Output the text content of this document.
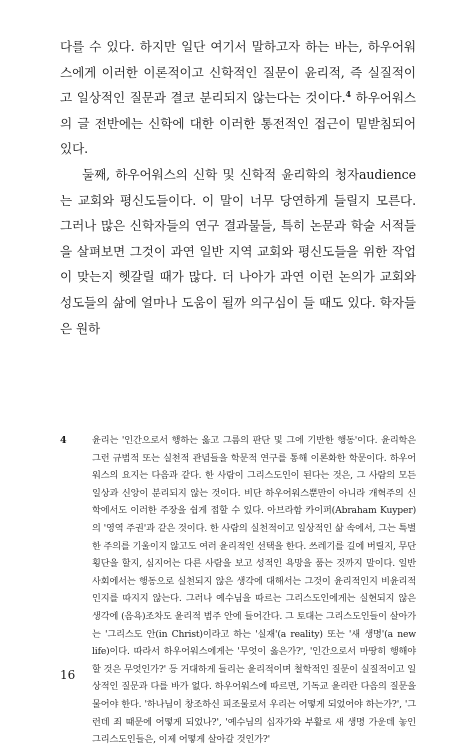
다를 수 있다. 하지만 일단 여기서 말하고자 하는 바는, 하우어워스에게 이러한 이론적이고 신학적인 질문이 윤리적, 즉 실질적이고 일상적인 질문과 결코 분리되지 않는다는 것이다.$^4$ 하우어워스의 글 전반에는 신학에 대한 이러한 통전적인 접근이 밑받침되어 있다.

둘째, 하우어워스의 신학 및 신학적 윤리학의 청자audience는 교회와 평신도들이다. 이 말이 너무 당연하게 들릴지 모른다. 그러나 많은 신학자들의 연구 결과물들, 특히 논문과 학술 서적들을 살펴보면 그것이 과연 일반 지역 교회와 평신도들을 위한 작업이 맞는지 헷갈릴 때가 많다. 더 나아가 과연 이런 논의가 교회와 성도들의 삶에 얼마나 도움이 될까 의구심이 들 때도 있다. 학자들은 원하

4	윤리는 '인간으로서 행하는 옳고 그름의 판단 및 그에 기반한 행동'이다. 윤리학은 그런 규범적 또는 실천적 관념들을 학문적 연구를 통해 이론화한 학문이다. 하우어워스의 요지는 다음과 같다. 한 사람이 그리스도인이 된다는 것은, 그 사람의 모든 일상과 신앙이 분리되지 않는 것이다. 비단 하우어워스뿐만이 아니라 개혁주의 신학에서도 이러한 주장을 쉽게 접할 수 있다. 아브라함 카이퍼(Abraham Kuyper)의 '영역 주권'과 같은 것이다. 한 사람의 실천적이고 일상적인 삶 속에서, 그는 특별한 주의를 기울이지 않고도 여러 윤리적인 선택을 한다. 쓰레기를 길에 버릴지, 무단횡단을 할지, 심지어는 다른 사람을 보고 성적인 욕망을 품는 것까지 말이다. 일반 사회에서는 행동으로 실천되지 않은 생각에 대해서는 그것이 윤리적인지 비윤리적인지를 따지지 않는다. 그러나 예수님을 따르는 그리스도인에게는 실현되지 않은 생각에 (음욕)조차도 윤리적 범주 안에 들어간다. 그 토대는 그리스도인들이 살아가는 '그리스도 안(in Christ)이라고 하는 '실재'(a reality) 또는 '새 생명'(a new life)이다. 따라서 하우어워스에게는 '무엇이 옳은가?', '인간으로서 마땅히 행해야 할 것은 무엇인가?' 등 거대하게 들리는 윤리적이며 철학적인 질문이 실질적이고 일상적인 질문과 다를 바가 없다. 하우어워스에 따르면, 기독교 윤리란 다음의 질문을 물어야 한다. '하나님이 창조하신 피조물로서 우리는 어떻게 되었어야 하는가?', '그런데 죄 때문에 어떻게 되었나?', '예수님의 십자가와 부활로 새 생명 가운데 놓인 그리스도인들은, 이제 어떻게 살아갈 것인가?'
16
